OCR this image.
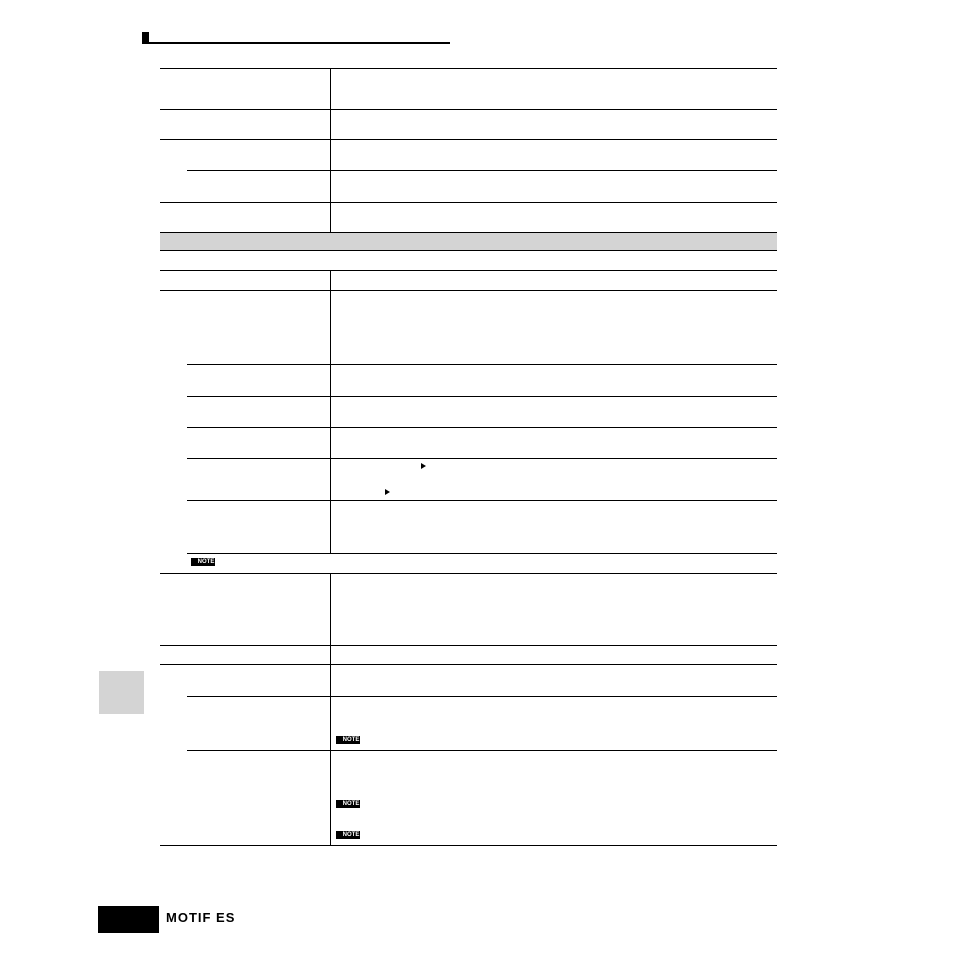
NOTE
NOTE
NOTE
NOTE
MOTIF ES
